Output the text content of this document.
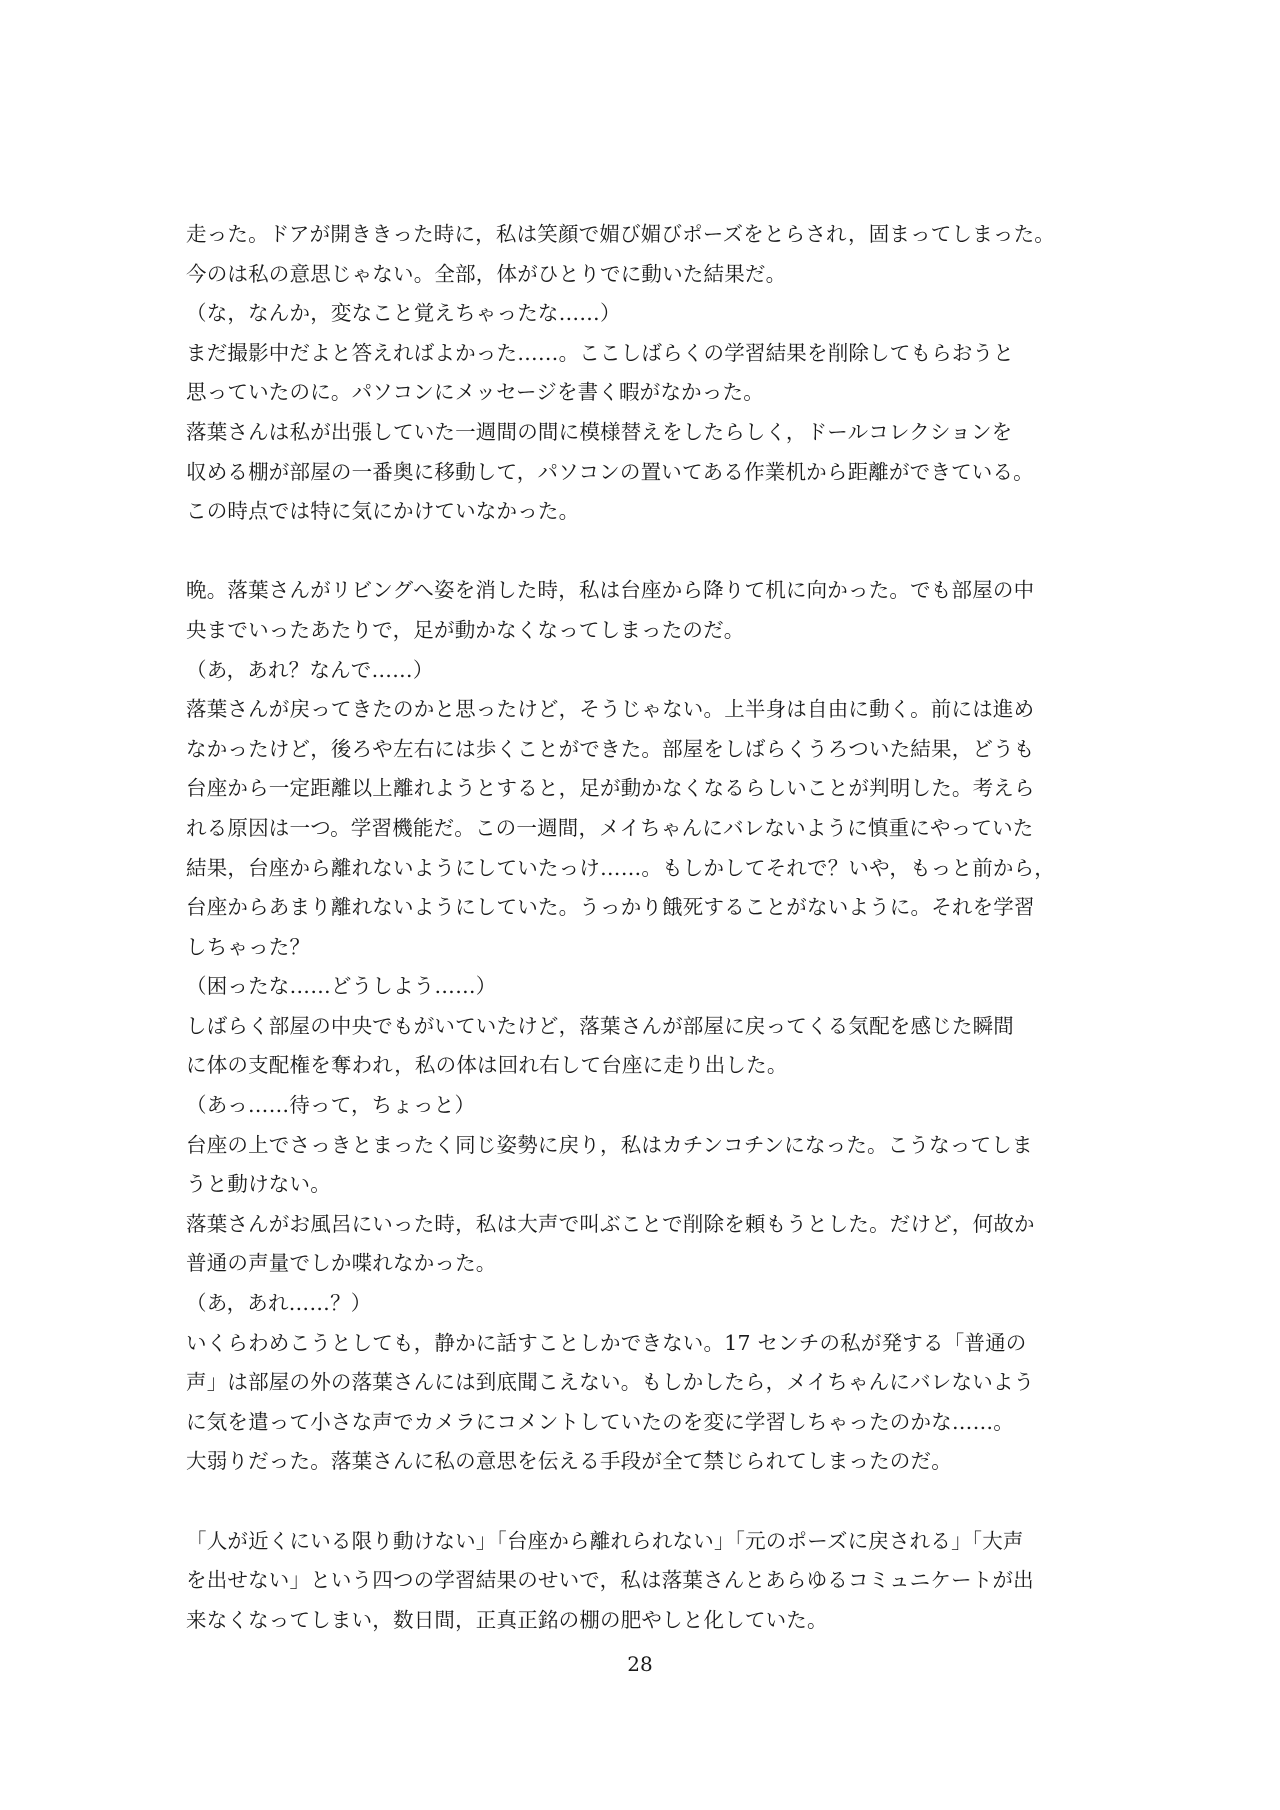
走った。ドアが開ききった時に，私は笑顔で媚び媚びポーズをとらされ，固まってしまった。
今のは私の意思じゃない。全部，体がひとりでに動いた結果だ。
（な，なんか，変なこと覚えちゃったな……）
まだ撮影中だよと答えればよかった……。ここしばらくの学習結果を削除してもらおうと
思っていたのに。パソコンにメッセージを書く暇がなかった。
落葉さんは私が出張していた一週間の間に模様替えをしたらしく，ドールコレクションを
収める棚が部屋の一番奥に移動して，パソコンの置いてある作業机から距離ができている。
この時点では特に気にかけていなかった。
晩。落葉さんがリビングへ姿を消した時，私は台座から降りて机に向かった。でも部屋の中
央までいったあたりで，足が動かなくなってしまったのだ。
（あ，あれ？なんで……）
落葉さんが戻ってきたのかと思ったけど，そうじゃない。上半身は自由に動く。前には進め
なかったけど，後ろや左右には歩くことができた。部屋をしばらくうろついた結果，どうも
台座から一定距離以上離れようとすると，足が動かなくなるらしいことが判明した。考えら
れる原因は一つ。学習機能だ。この一週間，メイちゃんにバレないように慎重にやっていた
結果，台座から離れないようにしていたっけ……。もしかしてそれで？いや，もっと前から，
台座からあまり離れないようにしていた。うっかり餓死することがないように。それを学習
しちゃった？
（困ったな……どうしよう……）
しばらく部屋の中央でもがいていたけど，落葉さんが部屋に戻ってくる気配を感じた瞬間
に体の支配権を奪われ，私の体は回れ右して台座に走り出した。
（あっ……待って，ちょっと）
台座の上でさっきとまったく同じ姿勢に戻り，私はカチンコチンになった。こうなってしま
うと動けない。
落葉さんがお風呂にいった時，私は大声で叫ぶことで削除を頼もうとした。だけど，何故か
普通の声量でしか喋れなかった。
（あ，あれ……？）
いくらわめこうとしても，静かに話すことしかできない。17 センチの私が発する「普通の
声」は部屋の外の落葉さんには到底聞こえない。もしかしたら，メイちゃんにバレないよう
に気を遣って小さな声でカメラにコメントしていたのを変に学習しちゃったのかな……。
大弱りだった。落葉さんに私の意思を伝える手段が全て禁じられてしまったのだ。
「人が近くにいる限り動けない」「台座から離れられない」「元のポーズに戻される」「大声
を出せない」という四つの学習結果のせいで，私は落葉さんとあらゆるコミュニケートが出
来なくなってしまい，数日間，正真正銘の棚の肥やしと化していた。
28
